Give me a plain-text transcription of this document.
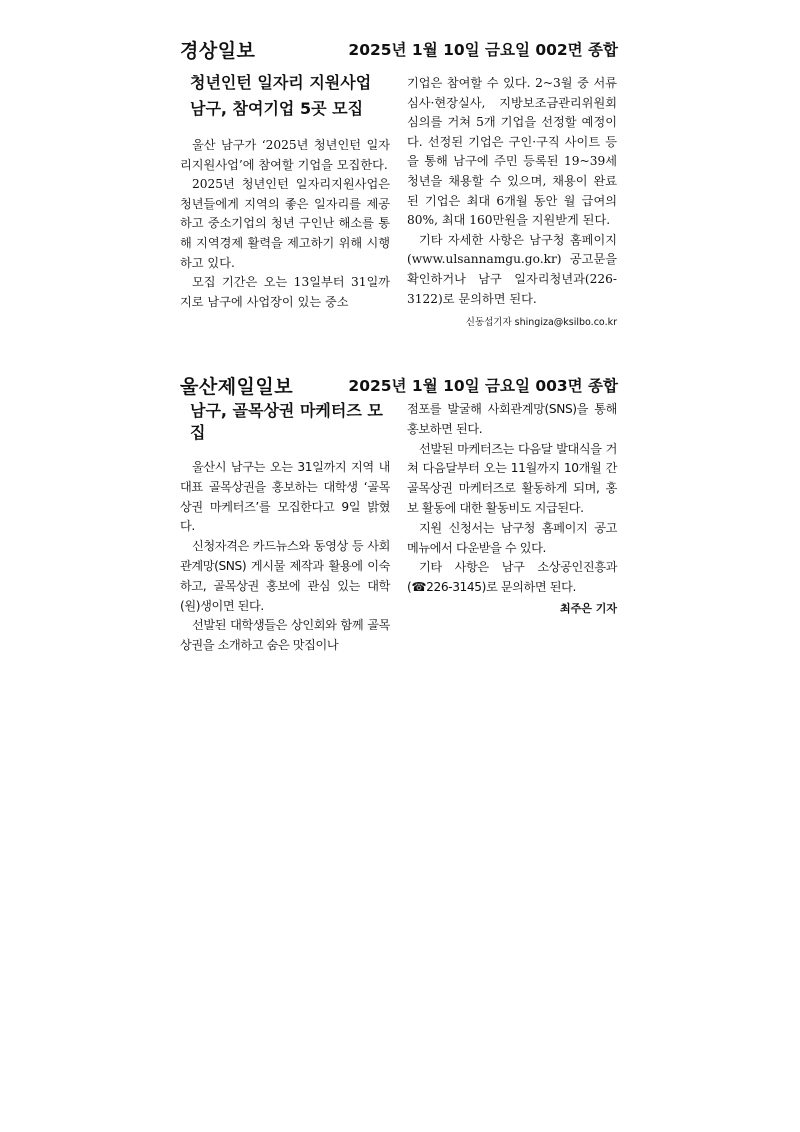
경상일보	2025년 1월 10일 금요일 002면 종합
청년인턴 일자리 지원사업
남구, 참여기업 5곳 모집

울산 남구가 ‘2025년 청년인턴 일자리지원사업’에 참여할 기업을 모집한다.

2025년 청년인턴 일자리지원사업은 청년들에게 지역의 좋은 일자리를 제공하고 중소기업의 청년 구인난 해소를 통해 지역경제 활력을 제고하기 위해 시행하고 있다.

모집 기간은 오는 13일부터 31일까지로 남구에 사업장이 있는 중소

기업은 참여할 수 있다. 2~3월 중 서류심사·현장실사, 지방보조금관리위원회 심의를 거쳐 5개 기업을 선정할 예정이다. 선정된 기업은 구인·구직 사이트 등을 통해 남구에 주민 등록된 19~39세 청년을 채용할 수 있으며, 채용이 완료된 기업은 최대 6개월 동안 월 급여의 80%, 최대 160만원을 지원받게 된다.

기타 자세한 사항은 남구청 홈페이지(www.ulsannamgu.go.kr) 공고문을 확인하거나 남구 일자리청년과(226-3122)로 문의하면 된다.

신동섭기자 shingiza@ksilbo.co.kr
울산제일일보	2025년 1월 10일 금요일 003면 종합
남구, 골목상권 마케터즈 모집

울산시 남구는 오는 31일까지 지역 내 대표 골목상권을 홍보하는 대학생 ‘골목상권 마케터즈’를 모집한다고 9일 밝혔다.

신청자격은 카드뉴스와 동영상 등 사회관계망(SNS) 게시물 제작과 활용에 이숙하고, 골목상권 홍보에 관심 있는 대학(원)생이면 된다.

선발된 대학생들은 상인회와 함께 골목상권을 소개하고 숨은 맛집이나

점포를 발굴해 사회관계망(SNS)을 통해 홍보하면 된다.

선발된 마케터즈는 다음달 발대식을 거쳐 다음달부터 오는 11월까지 10개월 간 골목상권 마케터즈로 활동하게 되며, 홍보 활동에 대한 활동비도 지급된다.

지원 신청서는 남구청 홈페이지 공고 메뉴에서 다운받을 수 있다.

기타 사항은 남구 소상공인진흥과(☎226-3145)로 문의하면 된다.

최주은 기자
